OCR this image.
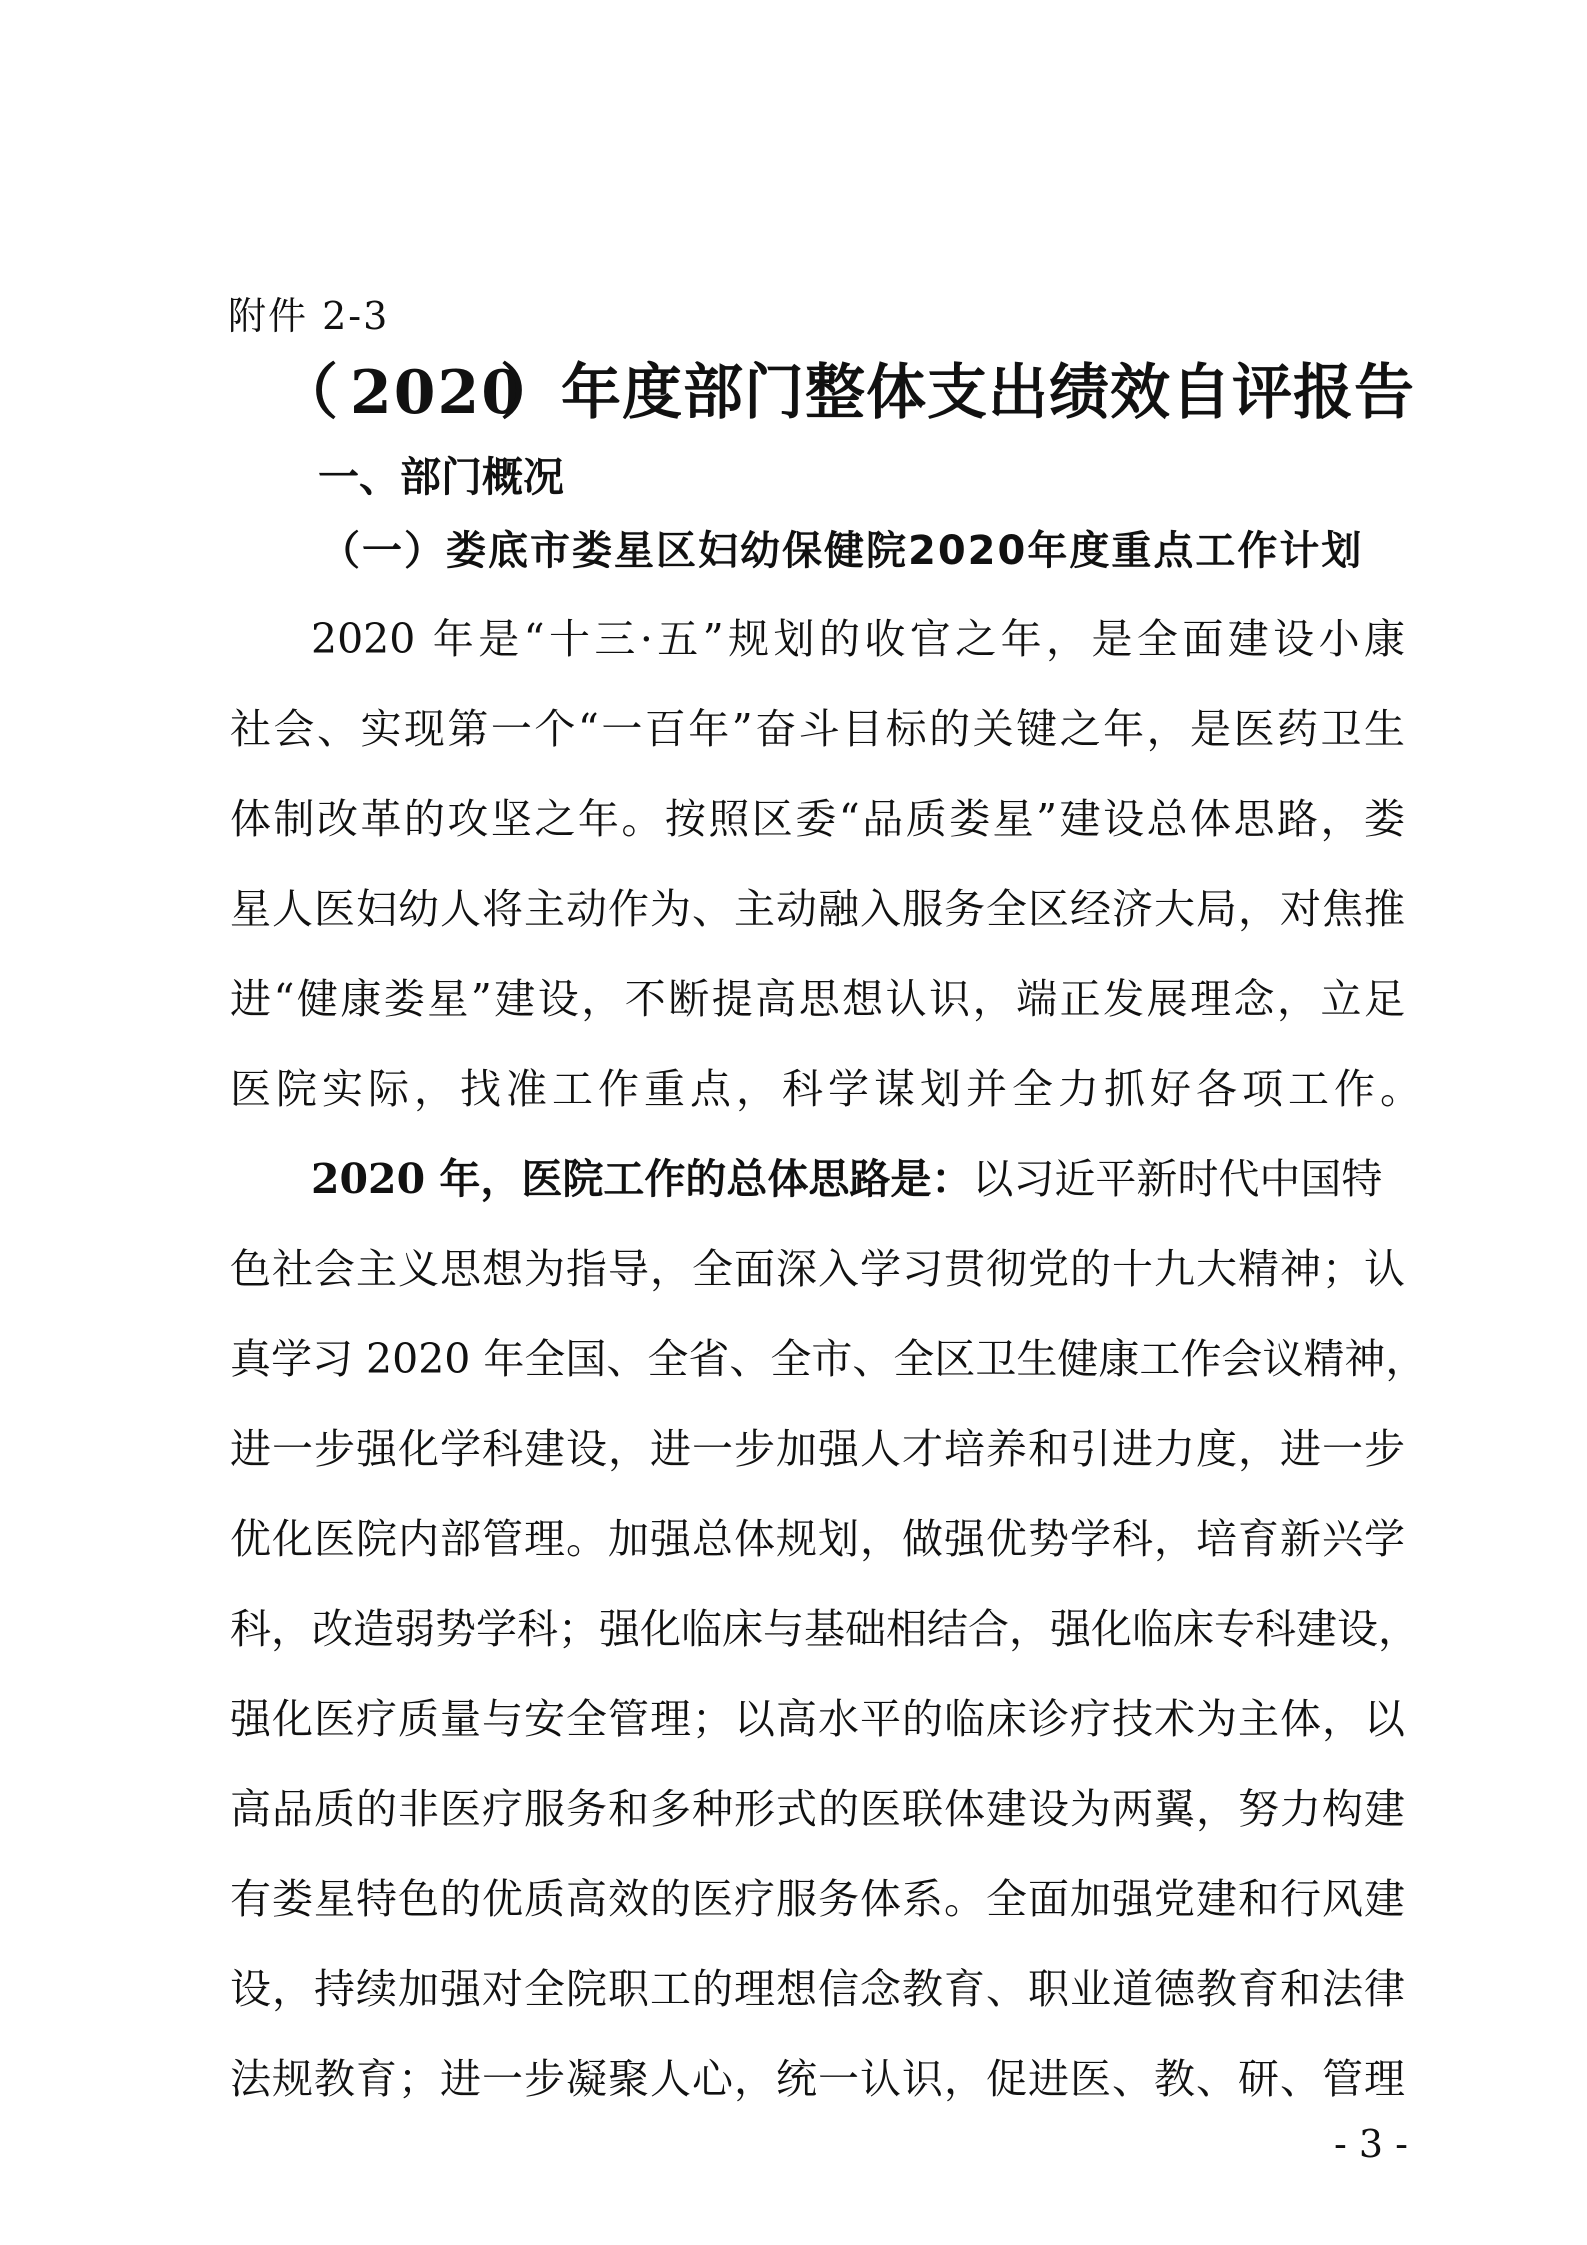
附件 2-3
（ 2020
）年度部门整体支出绩效自评报告
一、部门概况
（一）娄底市娄星区妇幼保健院2020年度重点工作计划
2020 年是“十三·五”规划的收官之年，是全面建设小康
社会、实现第一个“一百年”奋斗目标的关键之年，是医药卫生
体制改革的攻坚之年。按照区委“品质娄星”建设总体思路，娄
星人医妇幼人将主动作为、主动融入服务全区经济大局，对焦推
进“健康娄星”建设，不断提高思想认识，端正发展理念，立足
医院实际，找准工作重点，科学谋划并全力抓好各项工作。
2020 年，医院工作的总体思路是：以习近平新时代中国特
色社会主义思想为指导，全面深入学习贯彻党的十九大精神；认
真学习 2020 年全国、全省、全市、全区卫生健康工作会议精神，
进一步强化学科建设，进一步加强人才培养和引进力度，进一步
优化医院内部管理。加强总体规划，做强优势学科，培育新兴学
科，改造弱势学科；强化临床与基础相结合，强化临床专科建设，
强化医疗质量与安全管理；以高水平的临床诊疗技术为主体，以
高品质的非医疗服务和多种形式的医联体建设为两翼，努力构建
有娄星特色的优质高效的医疗服务体系。全面加强党建和行风建
设，持续加强对全院职工的理想信念教育、职业道德教育和法律
法规教育；进一步凝聚人心，统一认识，促进医、教、研、管理
- 3 -
